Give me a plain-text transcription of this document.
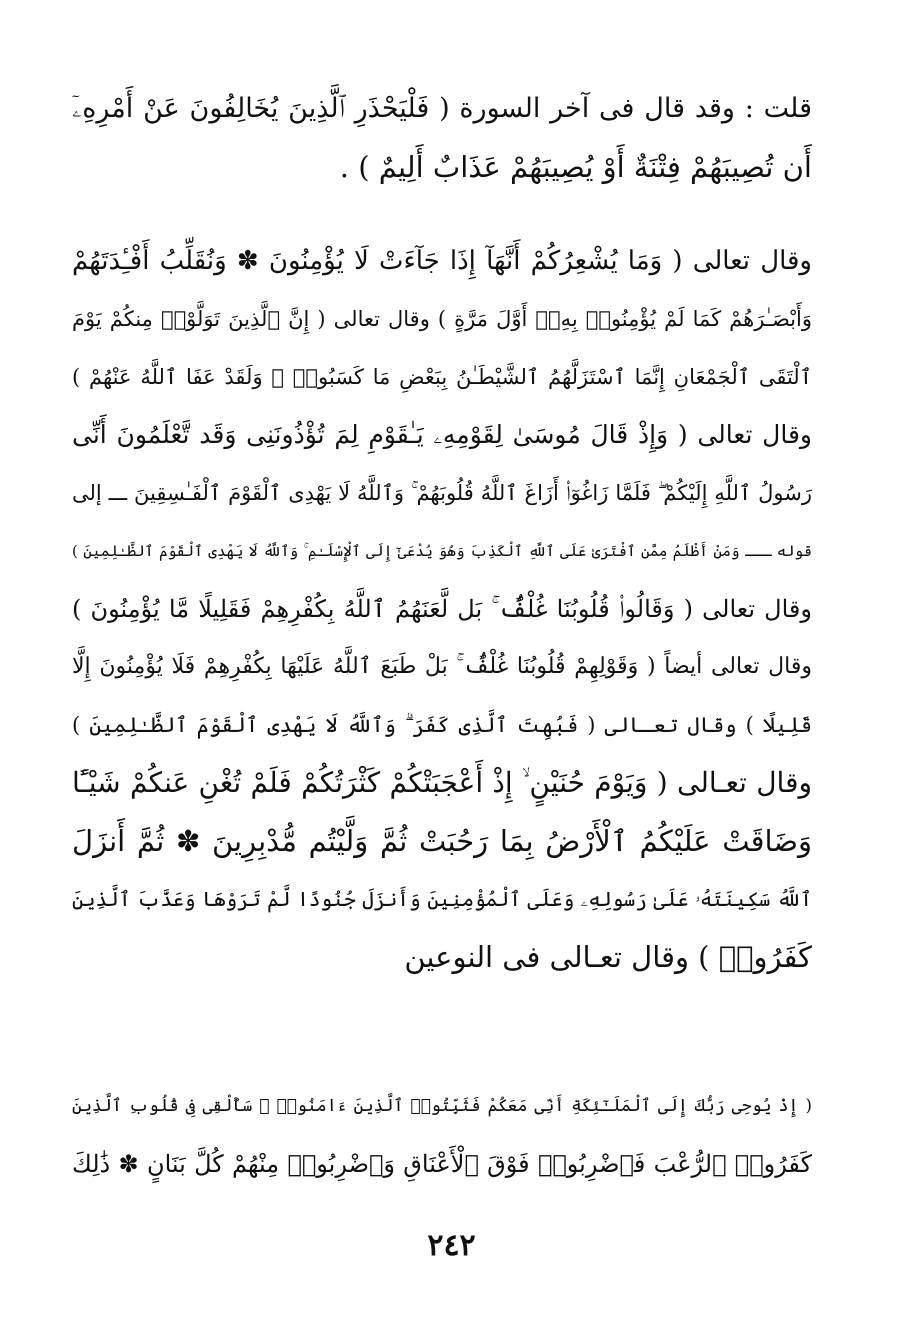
قلت : وقد قال فى آخر السورة ( فَلْيَحْذَرِ ٱلَّذِينَ يُخَالِفُونَ عَنْ أَمْرِهِۦٓ
أَن تُصِيبَهُمْ فِتْنَةٌ أَوْ يُصِيبَهُمْ عَذَابٌ أَلِيمٌ ) .
وقال تعالى ( وَمَا يُشْعِرُكُمْ أَنَّهَآ إِذَا جَآءَتْ لَا يُؤْمِنُونَ ✽ وَنُقَلِّبُ أَفْـِٔدَتَهُمْ
وَأَبْصَـٰرَهُمْ كَمَا لَمْ يُؤْمِنُوا۟ بِهِۦٓ أَوَّلَ مَرَّةٍ ) وقال تعالى ( إِنَّ ٱلَّذِينَ تَوَلَّوْا۟ مِنكُمْ يَوْمَ
ٱلْتَقَى ٱلْجَمْعَانِ إِنَّمَا ٱسْتَزَلَّهُمُ ٱلشَّيْطَـٰنُ بِبَعْضِ مَا كَسَبُوا۟ ۖ وَلَقَدْ عَفَا ٱللَّهُ عَنْهُمْ )
وقال تعالى ( وَإِذْ قَالَ مُوسَىٰ لِقَوْمِهِۦ يَـٰقَوْمِ لِمَ تُؤْذُونَنِى وَقَد تَّعْلَمُونَ أَنِّى
رَسُولُ ٱللَّهِ إِلَيْكُمْ ۖ فَلَمَّا زَاغُوٓا۟ أَزَاغَ ٱللَّهُ قُلُوبَهُمْ ۚ وَٱللَّهُ لَا يَهْدِى ٱلْقَوْمَ ٱلْفَـٰسِقِينَ ـــ إلى
قوله ـــ وَمَنْ أَظْلَمُ مِمَّنِ ٱفْتَرَىٰ عَلَى ٱللَّهِ ٱلْكَذِبَ وَهُوَ يُدْعَىٰٓ إِلَى ٱلْإِسْلَـٰمِ ۚ وَٱللَّهُ لَا يَهْدِى ٱلْقَوْمَ ٱلظَّـٰلِمِينَ )
وقال تعالى ( وَقَالُوا۟ قُلُوبُنَا غُلْفٌۢ ۚ بَل لَّعَنَهُمُ ٱللَّهُ بِكُفْرِهِمْ فَقَلِيلًا مَّا يُؤْمِنُونَ )
وقال تعالى أيضاً ( وَقَوْلِهِمْ قُلُوبُنَا غُلْفٌۢ ۚ بَلْ طَبَعَ ٱللَّهُ عَلَيْهَا بِكُفْرِهِمْ فَلَا يُؤْمِنُونَ إِلَّا
قَلِيلًا ) وقال تعـالى ( فَبُهِتَ ٱلَّذِى كَفَرَ ۗ وَٱللَّهُ لَا يَهْدِى ٱلْقَوْمَ ٱلظَّـٰلِمِينَ )
وقال تعـالى ( وَيَوْمَ حُنَيْنٍ ۙ إِذْ أَعْجَبَتْكُمْ كَثْرَتُكُمْ فَلَمْ تُغْنِ عَنكُمْ شَيْـًٔا
وَضَاقَتْ عَلَيْكُمُ ٱلْأَرْضُ بِمَا رَحُبَتْ ثُمَّ وَلَّيْتُم مُّدْبِرِينَ ✽ ثُمَّ أَنزَلَ
ٱللَّهُ سَكِينَتَهُۥ عَلَىٰ رَسُولِهِۦ وَعَلَى ٱلْمُؤْمِنِينَ وَأَنزَلَ جُنُودًا لَّمْ تَرَوْهَا وَعَذَّبَ ٱلَّذِينَ
كَفَرُوا۟ ) وقال تعـالى فى النوعين
( إِذْ يُوحِى رَبُّكَ إِلَى ٱلْمَلَـٰٓئِكَةِ أَنِّى مَعَكُمْ فَثَبِّتُوا۟ ٱلَّذِينَ ءَامَنُوا۟ ۚ سَأُلْقِى فِى قُلُوبِ ٱلَّذِينَ
كَفَرُوا۟ ٱلرُّعْبَ فَٱضْرِبُوا۟ فَوْقَ ٱلْأَعْنَاقِ وَٱضْرِبُوا۟ مِنْهُمْ كُلَّ بَنَانٍ ✽ ذَٰلِكَ
٢٤٢
